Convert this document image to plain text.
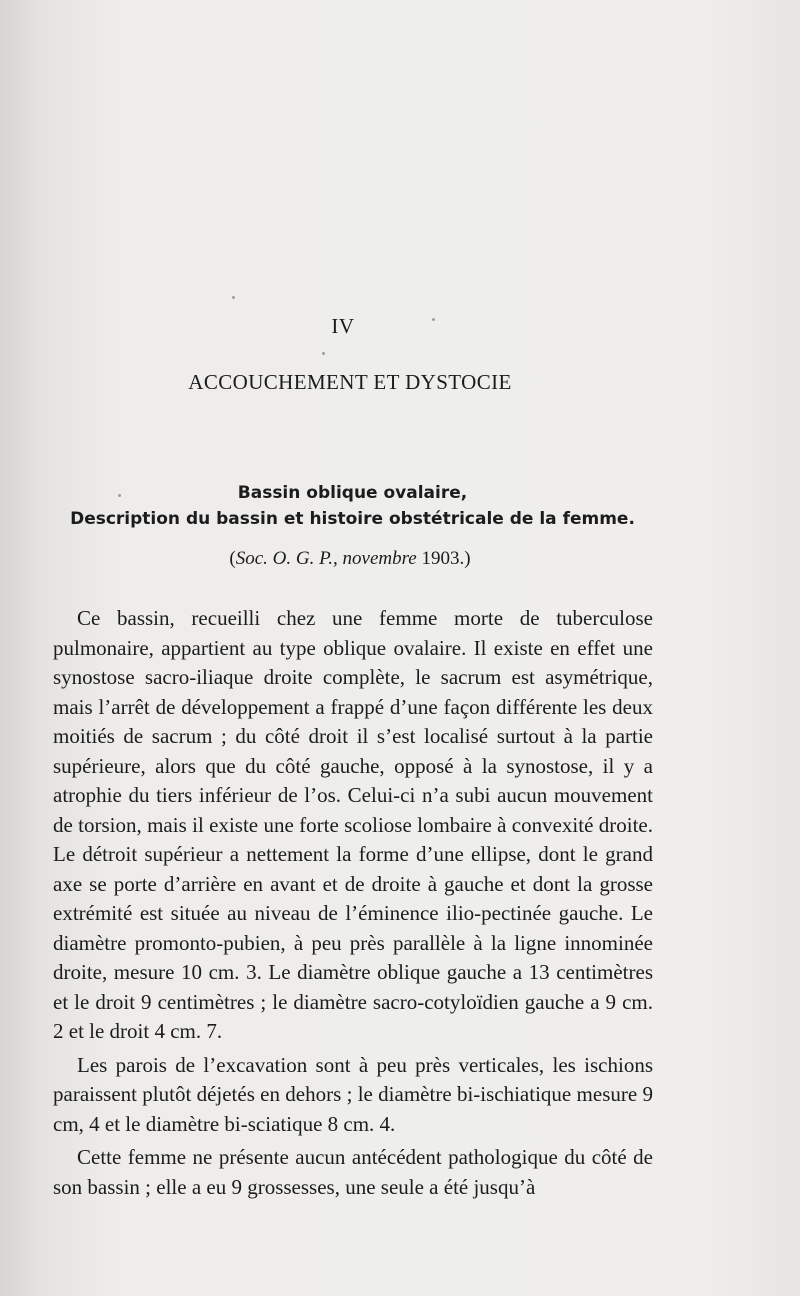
IV
ACCOUCHEMENT ET DYSTOCIE
Bassin oblique ovalaire,
Description du bassin et histoire obstétricale de la femme.
(Soc. O. G. P., novembre 1903.)

Ce bassin, recueilli chez une femme morte de tuberculose pulmonaire, appartient au type oblique ovalaire. Il existe en effet une synostose sacro-iliaque droite complète, le sacrum est asymétrique, mais l’arrêt de développement a frappé d’une façon différente les deux moitiés de sacrum ; du côté droit il s’est localisé surtout à la partie supérieure, alors que du côté gauche, opposé à la synostose, il y a atrophie du tiers inférieur de l’os. Celui-ci n’a subi aucun mouvement de torsion, mais il existe une forte scoliose lombaire à convexité droite. Le détroit supérieur a nettement la forme d’une ellipse, dont le grand axe se porte d’arrière en avant et de droite à gauche et dont la grosse extrémité est située au niveau de l’éminence ilio-pectinée gauche. Le diamètre promonto-pubien, à peu près parallèle à la ligne innominée droite, mesure 10 cm. 3. Le diamètre oblique gauche a 13 centimètres et le droit 9 centimètres ; le diamètre sacro-cotyloïdien gauche a 9 cm. 2 et le droit 4 cm. 7.

Les parois de l’excavation sont à peu près verticales, les ischions paraissent plutôt déjetés en dehors ; le diamètre bi-ischiatique mesure 9 cm, 4 et le diamètre bi-sciatique 8 cm. 4.

Cette femme ne présente aucun antécédent pathologique du côté de son bassin ; elle a eu 9 grossesses, une seule a été jusqu’à
